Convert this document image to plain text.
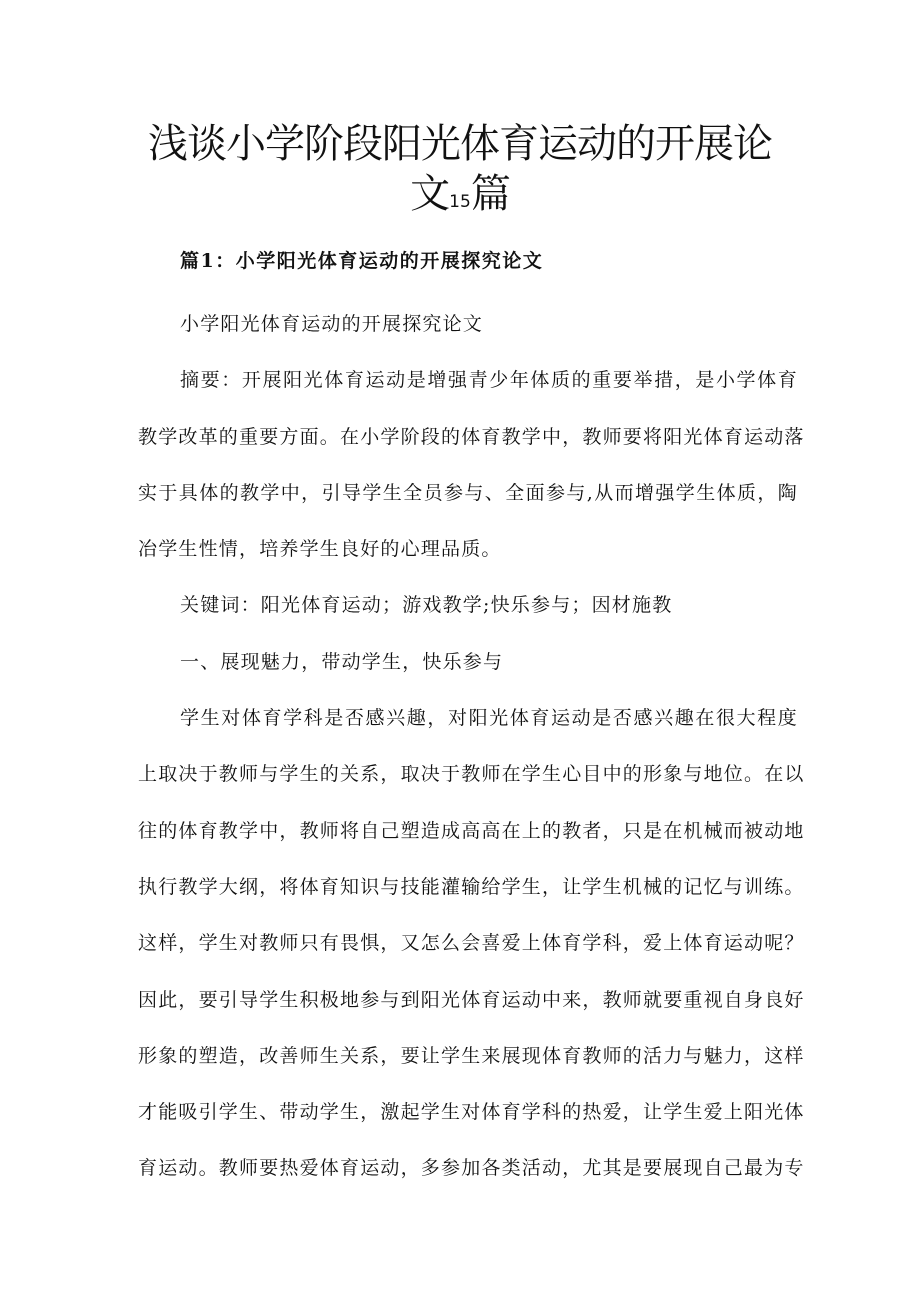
浅谈小学阶段阳光体育运动的开展论
文15篇
篇1：小学阳光体育运动的开展探究论文
小学阳光体育运动的开展探究论文
摘要：开展阳光体育运动是增强青少年体质的重要举措，是小学体育
教学改革的重要方面。在小学阶段的体育教学中，教师要将阳光体育运动落
实于具体的教学中，引导学生全员参与、全面参与,从而增强学生体质，陶
冶学生性情，培养学生良好的心理品质。
关键词：阳光体育运动；游戏教学;快乐参与；因材施教
一、展现魅力，带动学生，快乐参与
学生对体育学科是否感兴趣，对阳光体育运动是否感兴趣在很大程度
上取决于教师与学生的关系，取决于教师在学生心目中的形象与地位。在以
往的体育教学中，教师将自己塑造成高高在上的教者，只是在机械而被动地
执行教学大纲，将体育知识与技能灌输给学生，让学生机械的记忆与训练。
这样，学生对教师只有畏惧，又怎么会喜爱上体育学科，爱上体育运动呢？
因此，要引导学生积极地参与到阳光体育运动中来，教师就要重视自身良好
形象的塑造，改善师生关系，要让学生来展现体育教师的活力与魅力，这样
才能吸引学生、带动学生，激起学生对体育学科的热爱，让学生爱上阳光体
育运动。教师要热爱体育运动，多参加各类活动，尤其是要展现自己最为专
